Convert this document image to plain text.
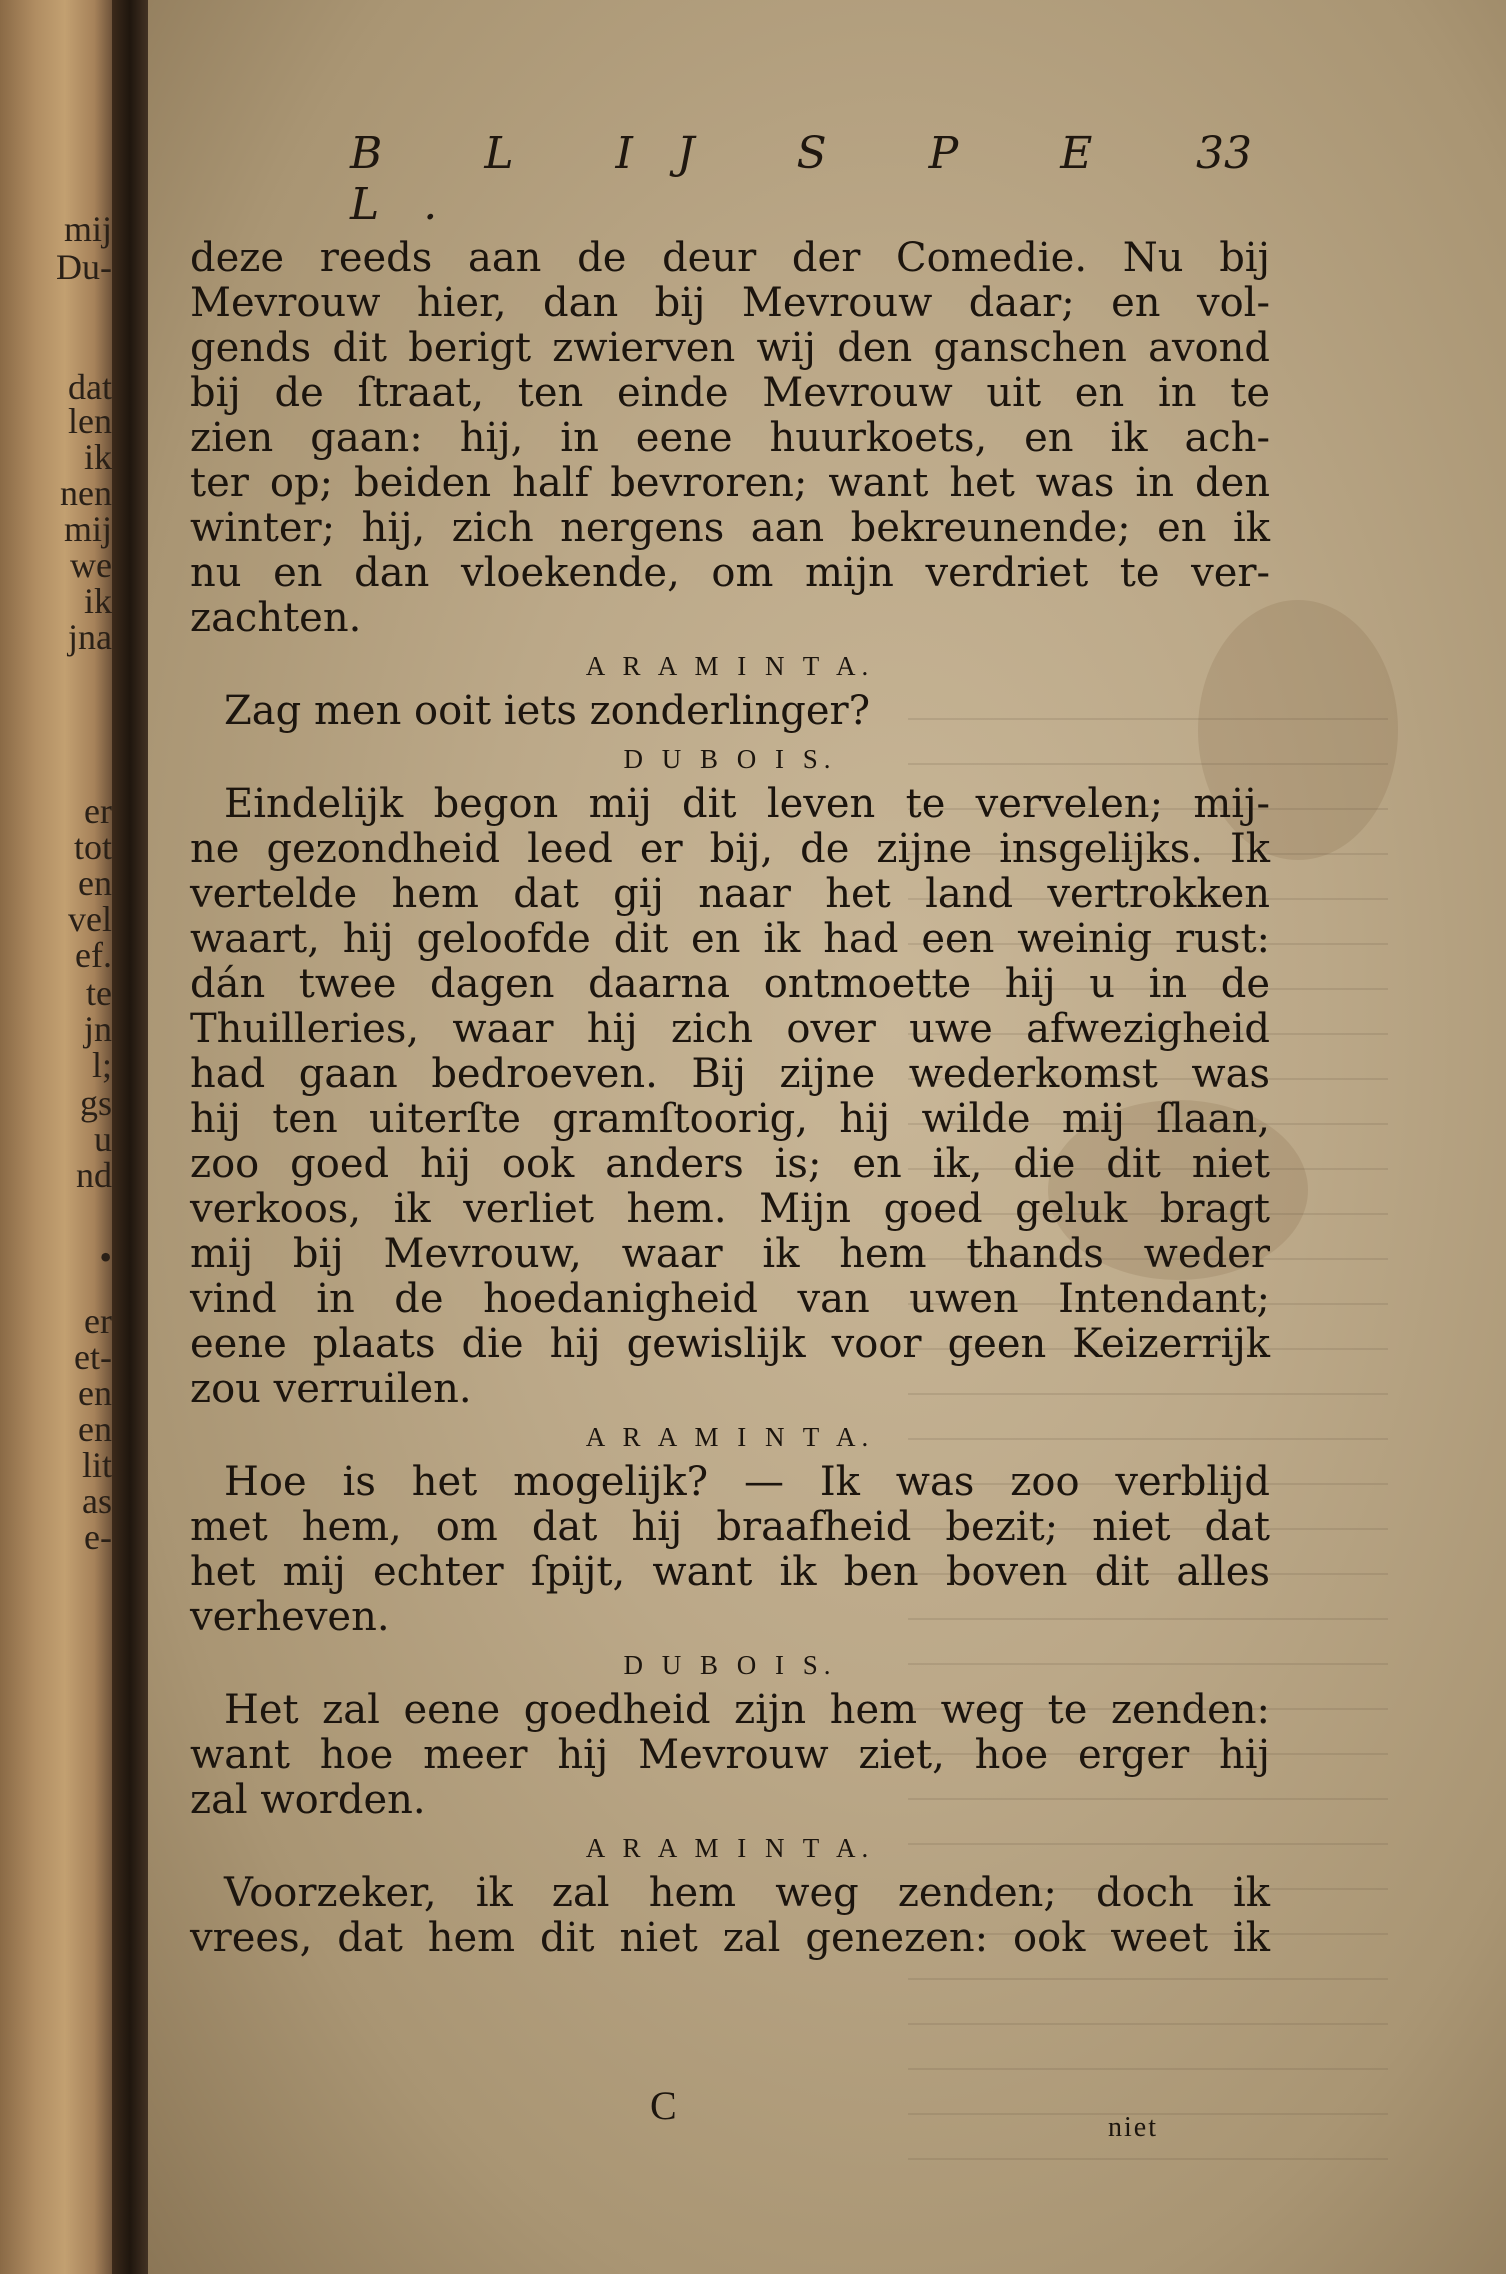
mij
Du-
dat
len
ik
nen
mij
we
ik
jna
er
tot
en
vel
ef.
te
jn
l;
gs
u
nd
•
er
et-
en
en
lit
as
e-
B L IJ S P E L.
33
deze reeds aan de deur der Comedie. Nu bij
Mevrouw hier, dan bij Mevrouw daar; en vol-
gends dit berigt zwierven wij den ganschen avond
bij de ſtraat, ten einde Mevrouw uit en in te
zien gaan: hij, in eene huurkoets, en ik ach-
ter op; beiden half bevroren; want het was in den
winter; hij, zich nergens aan bekreunende; en ik
nu en dan vloekende, om mijn verdriet te ver-
zachten.
A R A M I N T A.
Zag men ooit iets zonderlinger?
D U B O I S.
Eindelijk begon mij dit leven te vervelen; mij-
ne gezondheid leed er bij, de zijne insgelijks. Ik
vertelde hem dat gij naar het land vertrokken
waart, hij geloofde dit en ik had een weinig rust:
dán twee dagen daarna ontmoette hij u in de
Thuilleries, waar hij zich over uwe afwezigheid
had gaan bedroeven. Bij zijne wederkomst was
hij ten uiterſte gramſtoorig, hij wilde mij ſlaan,
zoo goed hij ook anders is; en ik, die dit niet
verkoos, ik verliet hem. Mijn goed geluk bragt
mij bij Mevrouw, waar ik hem thands weder
vind in de hoedanigheid van uwen Intendant;
eene plaats die hij gewislijk voor geen Keizerrijk
zou verruilen.
A R A M I N T A.
Hoe is het mogelijk? — Ik was zoo verblijd
met hem, om dat hij braafheid bezit; niet dat
het mij echter ſpijt, want ik ben boven dit alles
verheven.
D U B O I S.
Het zal eene goedheid zijn hem weg te zenden:
want hoe meer hij Mevrouw ziet, hoe erger hij
zal worden.
A R A M I N T A.
Voorzeker, ik zal hem weg zenden; doch ik
vrees, dat hem dit niet zal genezen: ook weet ik
C	niet
